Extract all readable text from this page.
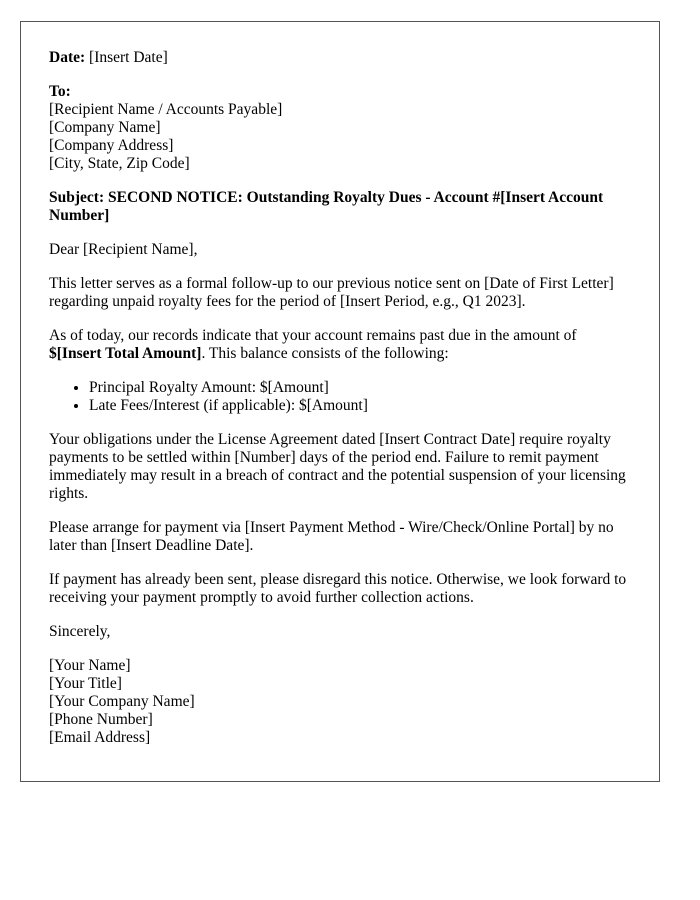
Date: [Insert Date]
To:
[Recipient Name / Accounts Payable]
[Company Name]
[Company Address]
[City, State, Zip Code]
Subject: SECOND NOTICE: Outstanding Royalty Dues - Account #[Insert Account
Number]

Dear [Recipient Name],

This letter serves as a formal follow-up to our previous notice sent on [Date of First Letter] regarding unpaid royalty fees for the period of [Insert Period, e.g., Q1 2023].

As of today, our records indicate that your account remains past due in the amount of $[Insert Total Amount]. This balance consists of the following:

• Principal Royalty Amount: $[Amount]
• Late Fees/Interest (if applicable): $[Amount]

Your obligations under the License Agreement dated [Insert Contract Date] require royalty payments to be settled within [Number] days of the period end. Failure to remit payment immediately may result in a breach of contract and the potential suspension of your licensing rights.

Please arrange for payment via [Insert Payment Method - Wire/Check/Online Portal] by no later than [Insert Deadline Date].

If payment has already been sent, please disregard this notice. Otherwise, we look forward to receiving your payment promptly to avoid further collection actions.

Sincerely,

[Your Name]
[Your Title]
[Your Company Name]
[Phone Number]
[Email Address]
